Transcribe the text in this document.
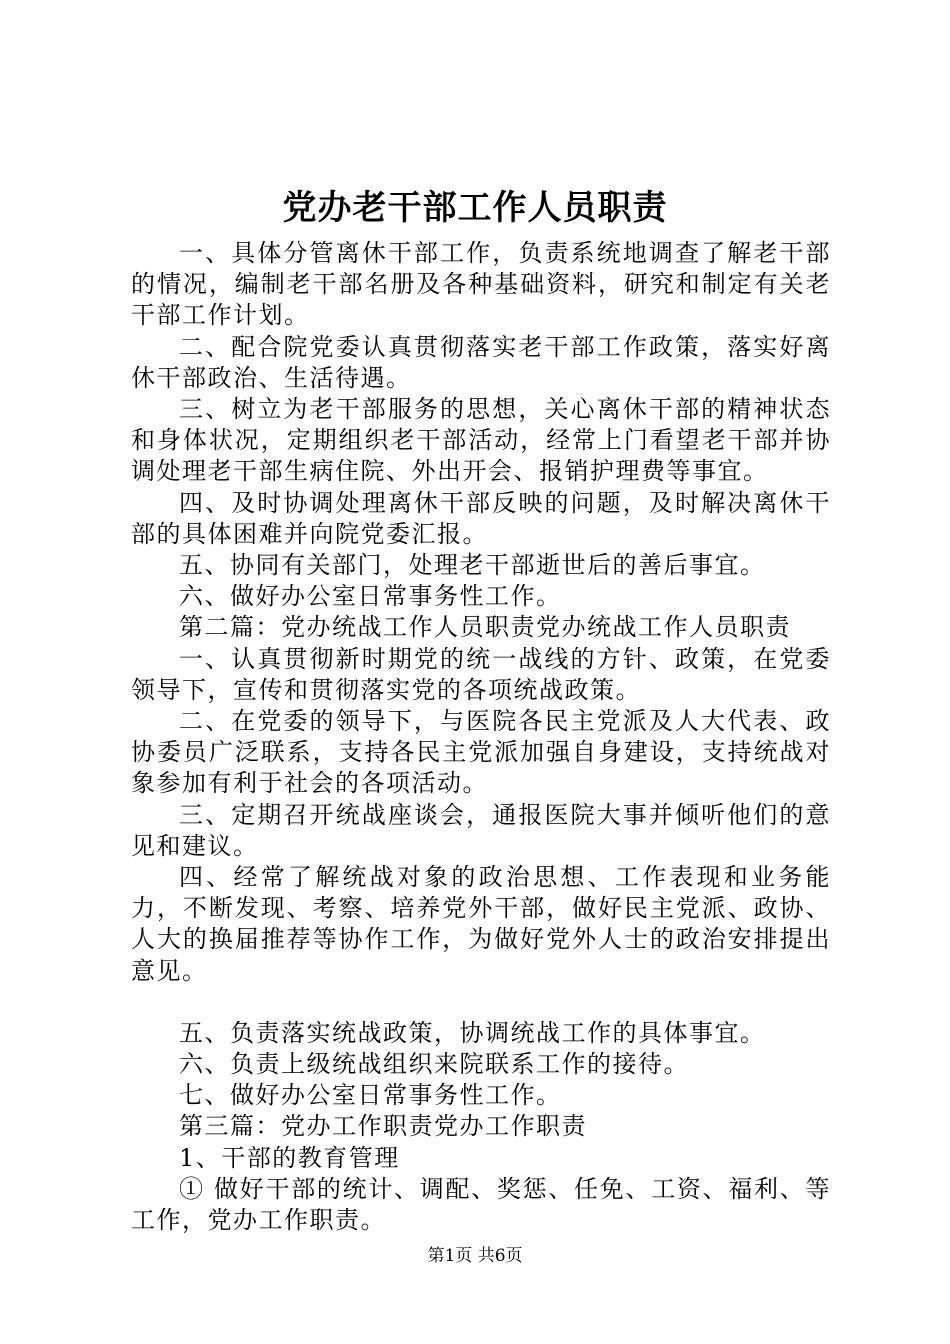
党办老干部工作人员职责

一、具体分管离休干部工作，负责系统地调查了解老干部的情况，编制老干部名册及各种基础资料，研究和制定有关老干部工作计划。

二、配合院党委认真贯彻落实老干部工作政策，落实好离休干部政治、生活待遇。

三、树立为老干部服务的思想，关心离休干部的精神状态和身体状况，定期组织老干部活动，经常上门看望老干部并协调处理老干部生病住院、外出开会、报销护理费等事宜。

四、及时协调处理离休干部反映的问题，及时解决离休干部的具体困难并向院党委汇报。

五、协同有关部门，处理老干部逝世后的善后事宜。

六、做好办公室日常事务性工作。

第二篇：党办统战工作人员职责党办统战工作人员职责

一、认真贯彻新时期党的统一战线的方针、政策，在党委领导下，宣传和贯彻落实党的各项统战政策。

二、在党委的领导下，与医院各民主党派及人大代表、政协委员广泛联系，支持各民主党派加强自身建设，支持统战对象参加有利于社会的各项活动。

三、定期召开统战座谈会，通报医院大事并倾听他们的意见和建议。

四、经常了解统战对象的政治思想、工作表现和业务能力，不断发现、考察、培养党外干部，做好民主党派、政协、人大的换届推荐等协作工作，为做好党外人士的政治安排提出意见。

五、负责落实统战政策，协调统战工作的具体事宜。

六、负责上级统战组织来院联系工作的接待。

七、做好办公室日常事务性工作。

第三篇：党办工作职责党办工作职责

1、干部的教育管理

① 做好干部的统计、调配、奖惩、任免、工资、福利、等工作，党办工作职责。

第1页 共6页
